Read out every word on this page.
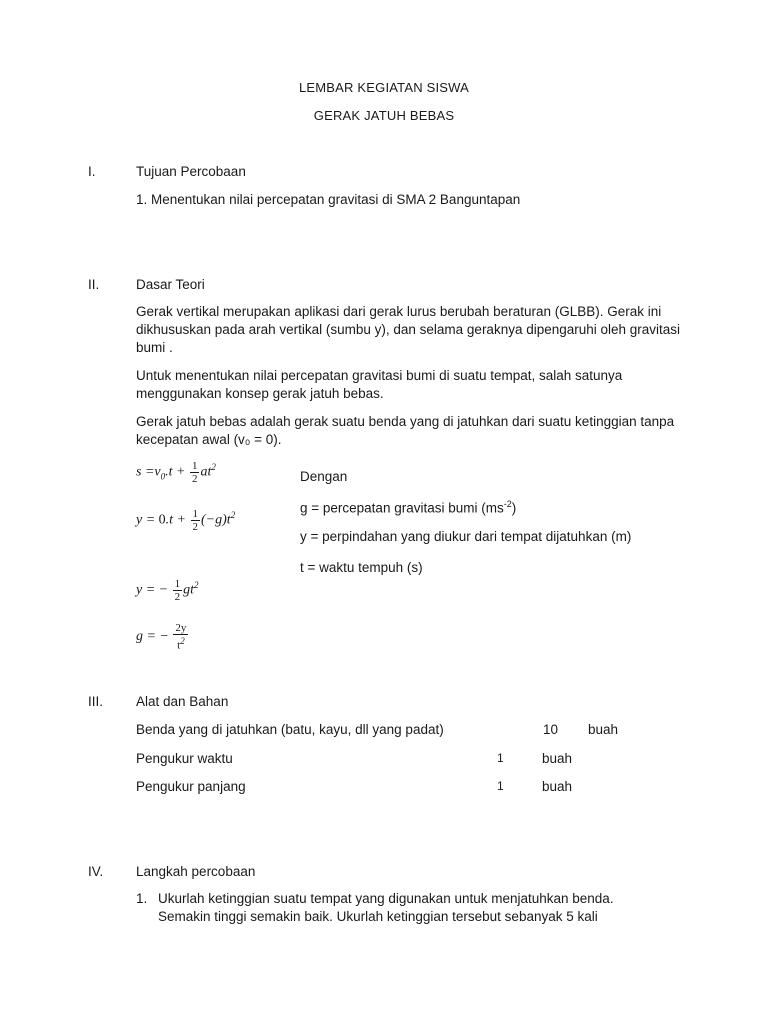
LEMBAR KEGIATAN SISWA
GERAK JATUH BEBAS
I.	Tujuan Percobaan
1. Menentukan nilai percepatan gravitasi di SMA 2 Banguntapan
II.	Dasar Teori
Gerak vertikal merupakan aplikasi dari gerak lurus berubah beraturan (GLBB). Gerak ini dikhususkan pada arah vertikal (sumbu y), dan selama geraknya dipengaruhi oleh gravitasi bumi .
Untuk menentukan nilai percepatan gravitasi bumi di suatu tempat, salah satunya menggunakan konsep gerak jatuh bebas.
Gerak jatuh bebas adalah gerak suatu benda yang di jatuhkan dari suatu ketinggian tanpa kecepatan awal (v₀ = 0).
$s =v_0.t + \frac{1}{2} at^2$
$y = 0.t + \frac{1}{2} (-g)t^2$
y = − $\frac{1}{2} gt^2$
g = − $\frac{2y}{t^2}$
Dengan
g = percepatan gravitasi bumi $(ms^{-2})$
y = perpindahan yang diukur dari tempat dijatuhkan (m)
t = waktu tempuh (s)
III. Alat dan Bahan
Benda yang di jatuhkan (batu, kayu, dll yang padat)	10 buah
Pengukur waktu	1	buah
Pengukur panjang	1	buah
IV. Langkah percobaan
1. Ukurlah ketinggian suatu tempat yang digunakan untuk menjatuhkan benda.
Semakin tinggi semakin baik. Ukurlah ketinggian tersebut sebanyak 5 kali
